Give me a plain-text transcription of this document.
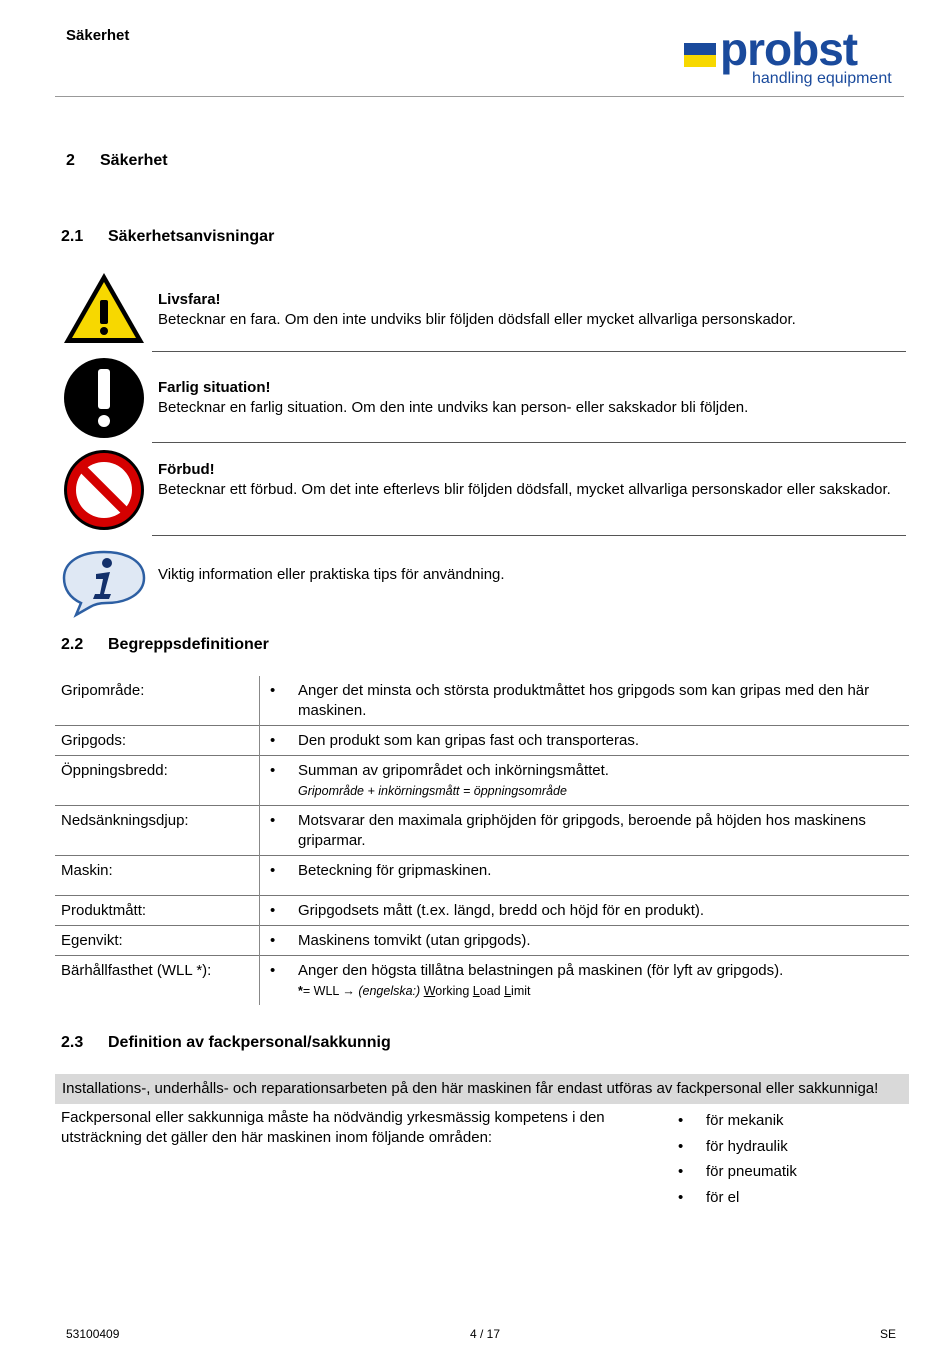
Säkerhet	probst
handling equipment
2 Säkerhet
2.1 Säkerhetsanvisningar
Livsfara!
Betecknar en fara. Om den inte undviks blir följden dödsfall eller mycket allvarliga personskador.
Farlig situation!
Betecknar en farlig situation. Om den inte undviks kan person- eller sakskador bli följden.
Förbud!
Betecknar ett förbud. Om det inte efterlevs blir följden dödsfall, mycket allvarliga personskador eller sakskador.
Viktig information eller praktiska tips för användning.
2.2 Begreppsdefinitioner
Gripområde:	•	Anger det minsta och största produktmåttet hos gripgods som kan gripas med den här maskinen.
Gripgods:	•	Den produkt som kan gripas fast och transporteras.
Öppningsbredd:	•	Summan av gripområdet och inkörningsmåttet.
Gripområde + inkörningsmått = öppningsområde
Nedsänkningsdjup:	•	Motsvarar den maximala griphöjden för gripgods, beroende på höjden hos maskinens griparmar.
Maskin:	•	Beteckning för gripmaskinen.
Produktmått:	•	Gripgodsets mått (t.ex. längd, bredd och höjd för en produkt).
Egenvikt:	•	Maskinens tomvikt (utan gripgods).
Bärhållfasthet (WLL *):	•	Anger den högsta tillåtna belastningen på maskinen (för lyft av gripgods).
*= WLL → (engelska:) Working Load Limit
2.3 Definition av fackpersonal/sakkunnig
Installations-, underhålls- och reparationsarbeten på den här maskinen får endast utföras av fackpersonal eller sakkunniga!
Fackpersonal eller sakkunniga måste ha nödvändig yrkesmässig kompetens i den utsträckning det gäller den här maskinen inom följande områden:
• för mekanik
• för hydraulik
• för pneumatik
• för el
53100409	4 / 17	SE
